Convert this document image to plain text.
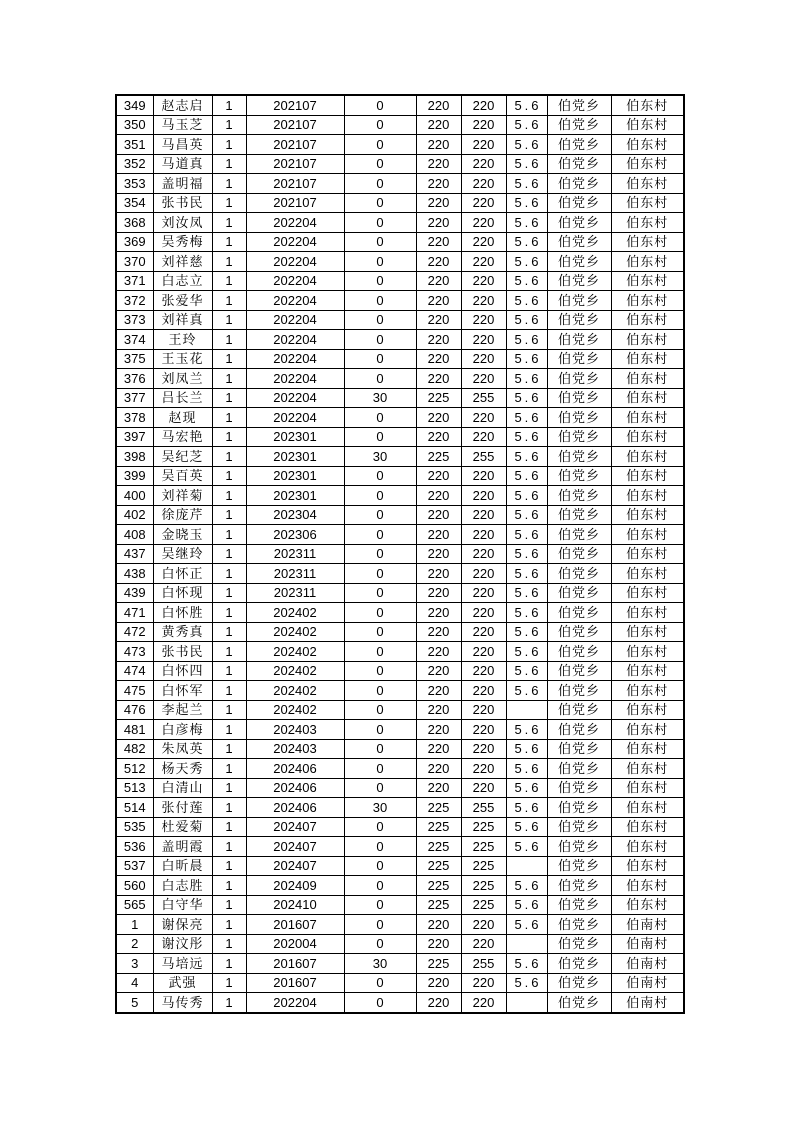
349	赵志启	1	202107	0	220	220	5.6	伯党乡	伯东村
350	马玉芝	1	202107	0	220	220	5.6	伯党乡	伯东村
351	马昌英	1	202107	0	220	220	5.6	伯党乡	伯东村
352	马道真	1	202107	0	220	220	5.6	伯党乡	伯东村
353	盖明福	1	202107	0	220	220	5.6	伯党乡	伯东村
354	张书民	1	202107	0	220	220	5.6	伯党乡	伯东村
368	刘汝凤	1	202204	0	220	220	5.6	伯党乡	伯东村
369	吴秀梅	1	202204	0	220	220	5.6	伯党乡	伯东村
370	刘祥慈	1	202204	0	220	220	5.6	伯党乡	伯东村
371	白志立	1	202204	0	220	220	5.6	伯党乡	伯东村
372	张爱华	1	202204	0	220	220	5.6	伯党乡	伯东村
373	刘祥真	1	202204	0	220	220	5.6	伯党乡	伯东村
374	王玲	1	202204	0	220	220	5.6	伯党乡	伯东村
375	王玉花	1	202204	0	220	220	5.6	伯党乡	伯东村
376	刘凤兰	1	202204	0	220	220	5.6	伯党乡	伯东村
377	吕长兰	1	202204	30	225	255	5.6	伯党乡	伯东村
378	赵现	1	202204	0	220	220	5.6	伯党乡	伯东村
397	马宏艳	1	202301	0	220	220	5.6	伯党乡	伯东村
398	吴纪芝	1	202301	30	225	255	5.6	伯党乡	伯东村
399	吴百英	1	202301	0	220	220	5.6	伯党乡	伯东村
400	刘祥菊	1	202301	0	220	220	5.6	伯党乡	伯东村
402	徐庞芹	1	202304	0	220	220	5.6	伯党乡	伯东村
408	金晓玉	1	202306	0	220	220	5.6	伯党乡	伯东村
437	吴继玲	1	202311	0	220	220	5.6	伯党乡	伯东村
438	白怀正	1	202311	0	220	220	5.6	伯党乡	伯东村
439	白怀现	1	202311	0	220	220	5.6	伯党乡	伯东村
471	白怀胜	1	202402	0	220	220	5.6	伯党乡	伯东村
472	黄秀真	1	202402	0	220	220	5.6	伯党乡	伯东村
473	张书民	1	202402	0	220	220	5.6	伯党乡	伯东村
474	白怀四	1	202402	0	220	220	5.6	伯党乡	伯东村
475	白怀军	1	202402	0	220	220	5.6	伯党乡	伯东村
476	李起兰	1	202402	0	220	220		伯党乡	伯东村
481	白彦梅	1	202403	0	220	220	5.6	伯党乡	伯东村
482	朱凤英	1	202403	0	220	220	5.6	伯党乡	伯东村
512	杨天秀	1	202406	0	220	220	5.6	伯党乡	伯东村
513	白清山	1	202406	0	220	220	5.6	伯党乡	伯东村
514	张付莲	1	202406	30	225	255	5.6	伯党乡	伯东村
535	杜爱菊	1	202407	0	225	225	5.6	伯党乡	伯东村
536	盖明霞	1	202407	0	225	225	5.6	伯党乡	伯东村
537	白昕晨	1	202407	0	225	225		伯党乡	伯东村
560	白志胜	1	202409	0	225	225	5.6	伯党乡	伯东村
565	白守华	1	202410	0	225	225	5.6	伯党乡	伯东村
1	谢保亮	1	201607	0	220	220	5.6	伯党乡	伯南村
2	谢汶彤	1	202004	0	220	220		伯党乡	伯南村
3	马培远	1	201607	30	225	255	5.6	伯党乡	伯南村
4	武强	1	201607	0	220	220	5.6	伯党乡	伯南村
5	马传秀	1	202204	0	220	220		伯党乡	伯南村
